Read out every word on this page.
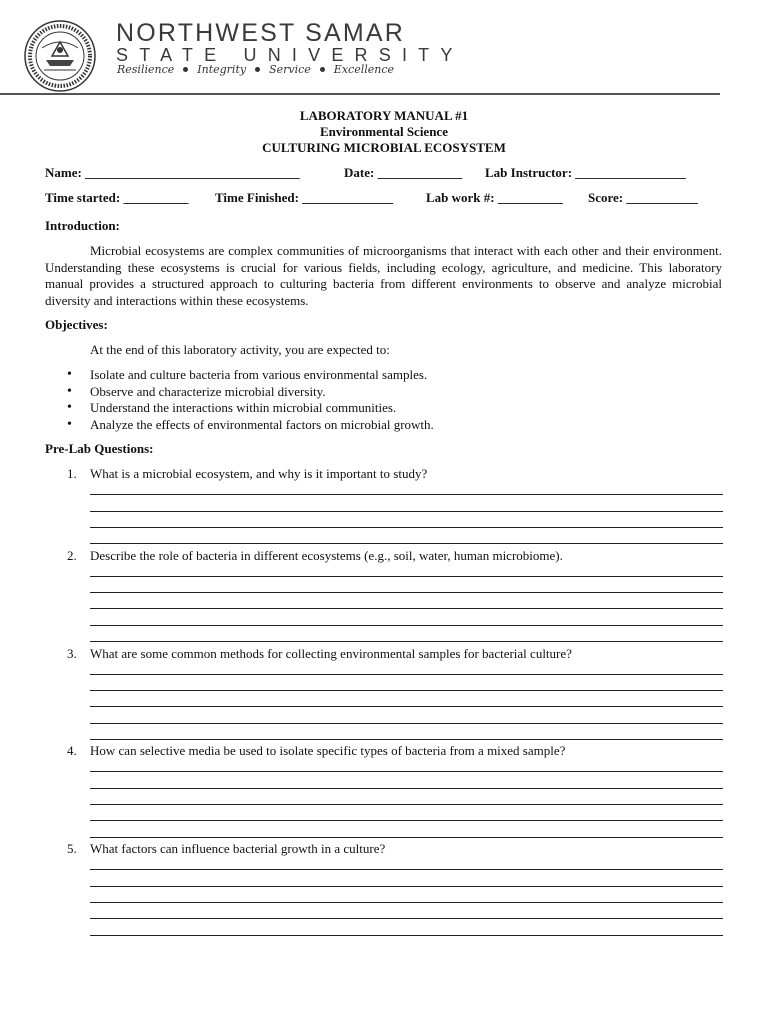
NORTHWEST SAMAR
STATE UNIVERSITY
Resilience Integrity Service Excellence
LABORATORY MANUAL #1
Environmental Science
CULTURING MICROBIAL ECOSYSTEM
Name: _________________________________	Date: _____________ Lab Instructor: _________________
Time started: __________ Time Finished: ______________	Lab work #: __________ Score: ___________
Introduction:
Microbial ecosystems are complex communities of microorganisms that interact with each other and their environment. Understanding these ecosystems is crucial for various fields, including ecology, agriculture, and medicine. This laboratory manual provides a structured approach to culturing bacteria from different environments to observe and analyze microbial diversity and interactions within these ecosystems.
Objectives:
At the end of this laboratory activity, you are expected to:
• Isolate and culture bacteria from various environmental samples.
• Observe and characterize microbial diversity.
• Understand the interactions within microbial communities.
• Analyze the effects of environmental factors on microbial growth.
Pre-Lab Questions:
1. What is a microbial ecosystem, and why is it important to study?
2. Describe the role of bacteria in different ecosystems (e.g., soil, water, human microbiome).
3. What are some common methods for collecting environmental samples for bacterial culture?
4. How can selective media be used to isolate specific types of bacteria from a mixed sample?
5. What factors can influence bacterial growth in a culture?
